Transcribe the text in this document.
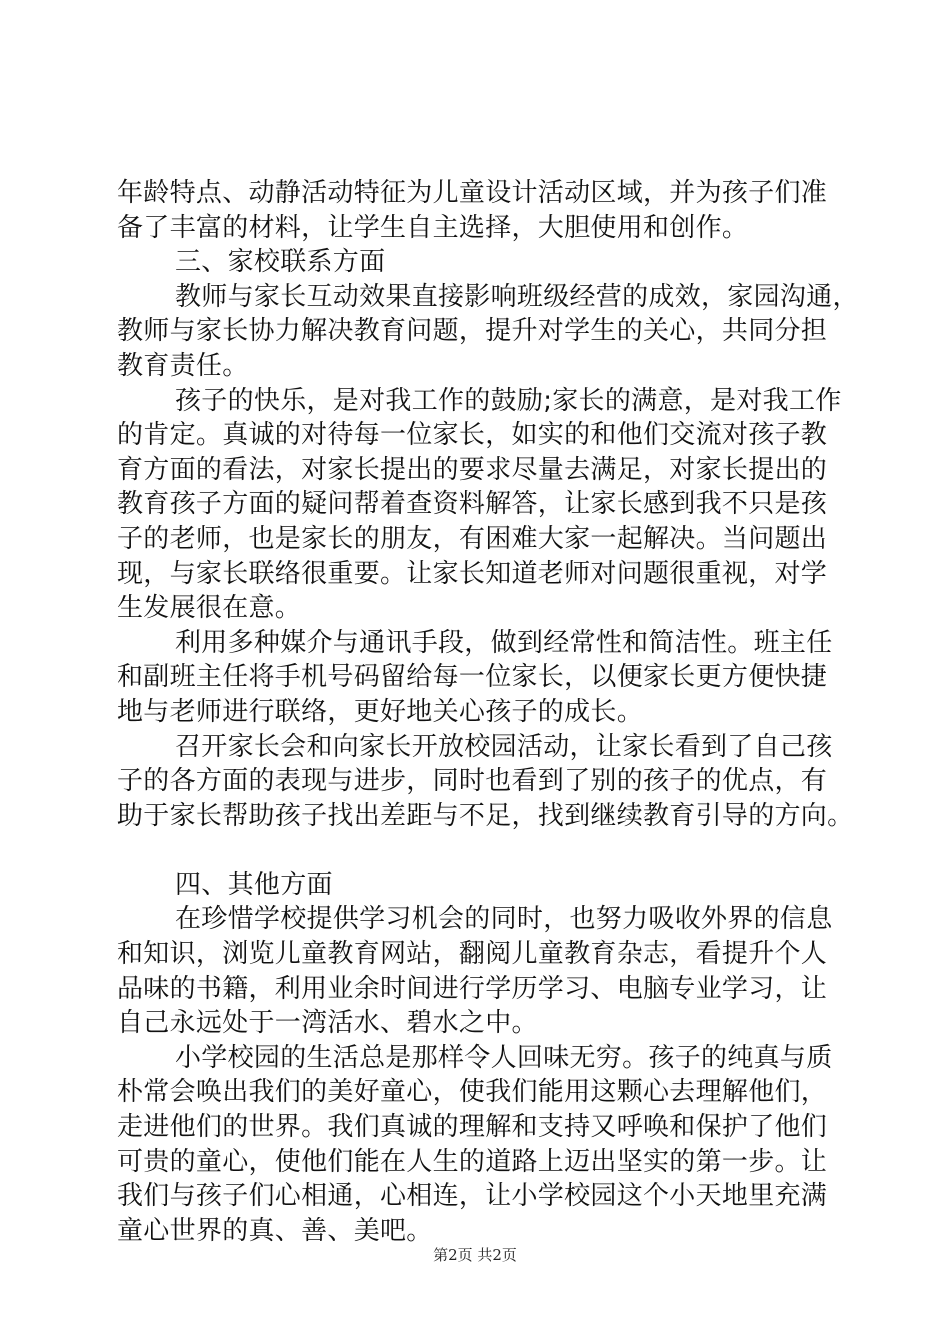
年龄特点、动静活动特征为儿童设计活动区域，并为孩子们准
备了丰富的材料，让学生自主选择，大胆使用和创作。
三、家校联系方面
教师与家长互动效果直接影响班级经营的成效，家园沟通，
教师与家长协力解决教育问题，提升对学生的关心，共同分担
教育责任。
孩子的快乐，是对我工作的鼓励;家长的满意，是对我工作
的肯定。真诚的对待每一位家长，如实的和他们交流对孩子教
育方面的看法，对家长提出的要求尽量去满足，对家长提出的
教育孩子方面的疑问帮着查资料解答，让家长感到我不只是孩
子的老师，也是家长的朋友，有困难大家一起解决。当问题出
现，与家长联络很重要。让家长知道老师对问题很重视，对学
生发展很在意。
利用多种媒介与通讯手段，做到经常性和简洁性。班主任
和副班主任将手机号码留给每一位家长，以便家长更方便快捷
地与老师进行联络，更好地关心孩子的成长。
召开家长会和向家长开放校园活动，让家长看到了自己孩
子的各方面的表现与进步，同时也看到了别的孩子的优点，有
助于家长帮助孩子找出差距与不足，找到继续教育引导的方向。
四、其他方面
在珍惜学校提供学习机会的同时，也努力吸收外界的信息
和知识，浏览儿童教育网站，翻阅儿童教育杂志，看提升个人
品味的书籍，利用业余时间进行学历学习、电脑专业学习，让
自己永远处于一湾活水、碧水之中。
小学校园的生活总是那样令人回味无穷。孩子的纯真与质
朴常会唤出我们的美好童心，使我们能用这颗心去理解他们，
走进他们的世界。我们真诚的理解和支持又呼唤和保护了他们
可贵的童心，使他们能在人生的道路上迈出坚实的第一步。让
我们与孩子们心相通，心相连，让小学校园这个小天地里充满
童心世界的真、善、美吧。
第2页 共2页
